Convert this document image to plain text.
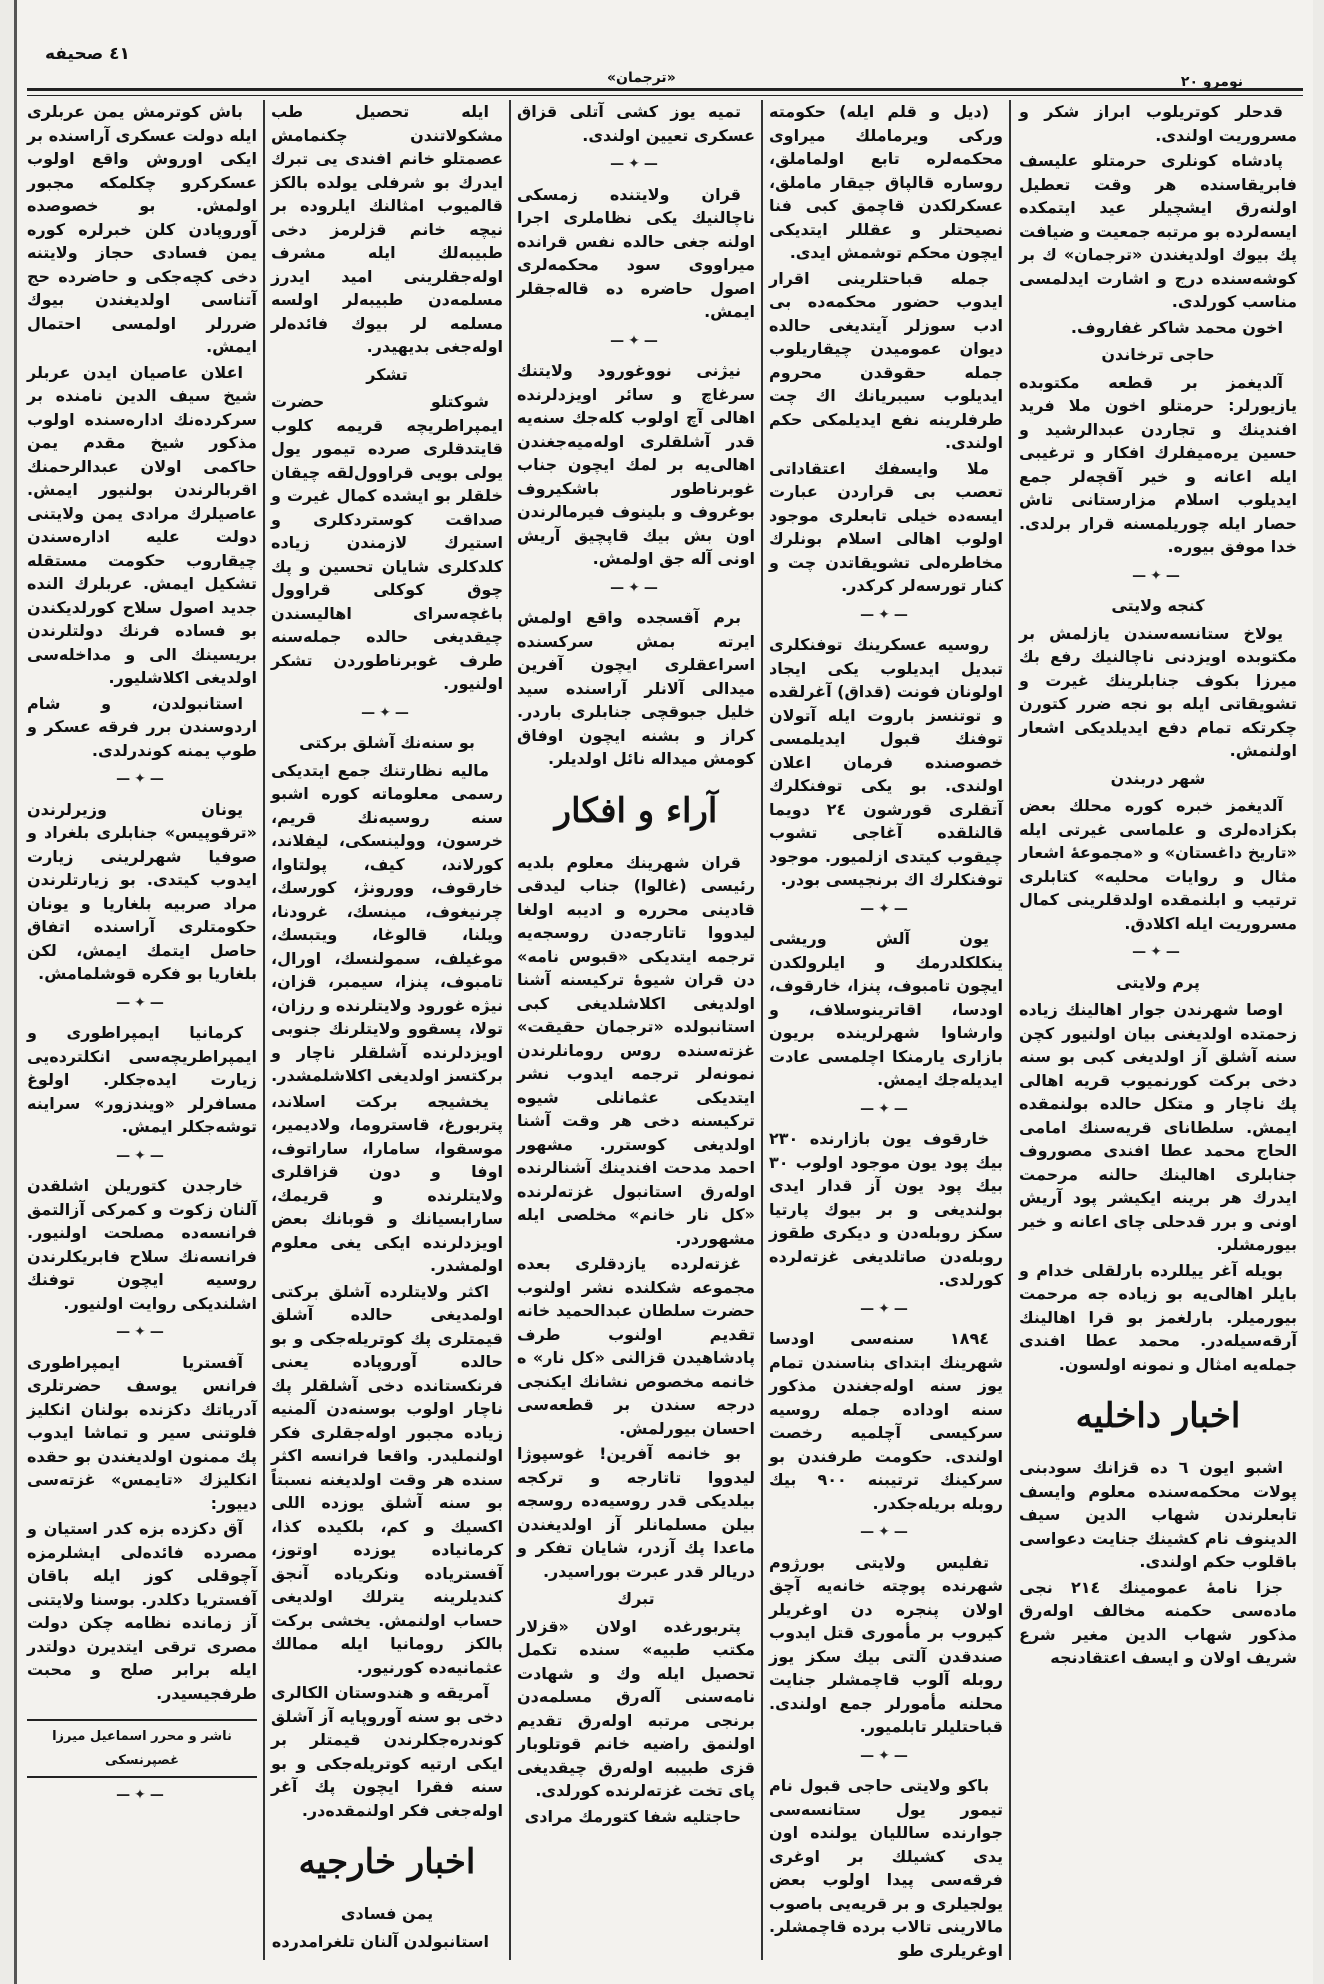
٤١ صحیفه
«ترجمان»	نومرو ٢٠

قدحلر کوتریلوب ابراز شکر و مسروریت اولندی.

پادشاه کونلری حرمتلو علیسف فابریقاسنده هر وقت تعطیل اولنه‌رق ایشچیلر عید ایتمکده ایسه‌لرده بو مرتبه جمعیت و ضیافت پك بیوك اولدیغندن «ترجمان» ك بر کوشه‌سنده درج و اشارت ایدلمسی مناسب کورلدی.

اخون محمد شاکر غفاروف.

حاجی ترخاندن

آلدیغمز بر قطعه مکتوبده یازیورلر: حرمتلو اخون ملا فرید افندینك و تجاردن عبدالرشید و حسین یره‌میفلرك افکار و ترغیبی ایله اعانه و خیر آقچه‌لر جمع ایدیلوب اسلام مزارستانی تاش حصار ایله چوریلمسنه قرار برلدی. خدا موفق بیوره.

—✦—
کنجه ولایتی

یولاخ ستانسه‌سندن یازلمش بر مکتوبده اویزدنی ناچالنیك رفع بك میرزا بکوف جنابلرینك غیرت و تشویقاتی ایله بو نجه ضرر کتورن چکرتکه تمام دفع ایدیلدیکی اشعار اولنمش.

شهر دربندن

آلدیغمز خبره کوره محلك بعض بکزاده‌لری و علماسی غیرتی ایله «تاریخ داغستان» و «مجموعهٔ اشعار مثال و روایات محلیه» کتابلری ترتیب و ابلنمقده اولدقلرینی کمال مسروریت ایله اکلادق.

—✦—
پرم ولایتی

اوصا شهرندن جوار اهالینك زیاده زحمتده اولدیغنی بیان اولنیور کچن سنه آشلق آز اولدیغی کبی بو سنه دخی برکت کورنمیوب قریه اهالی پك ناچار و متکل حالده بولنمقده ایمش. سلطانای قریه‌سنك امامی الحاج محمد عطا افندی مصوروف جنابلری اهالینك حالنه مرحمت ایدرك هر برینه ایکیشر پود آریش اونی و برر قدحلی چای اعانه و خیر بیورمشلر.

بویله آغر ییللرده بارلقلی خدام و بایلر اهالی‌یه بو زیاده جه مرحمت بیورمیلر. بارلغمز بو قرا اهالینك آرقه‌سیله‌در. محمد عطا افندی جمله‌یه امثال و نمونه اولسون.

اخبار داخلیه

اشبو ایون ٦ ده قزانك سودبنی پولات محکمه‌سنده معلوم وایسف تابعلرندن شهاب الدین سیف الدینوف نام کشینك جنایت دعواسی باقلوب حکم اولندی.

جزا نامهٔ عمومینك ٢١٤ نجی ماده‌سی حکمنه مخالف اوله‌رق مذکور شهاب الدین مغیر شرع شریف اولان و ایسف اعتقادنجه

(دیل و قلم ایله) حکومته ورکی ویرماملك میراوی محکمه‌لره تابع اولماملق، روساره قالپاق جیقار ماملق، عسکرلکدن قاچمق کبی فنا نصیحتلر و عقللر ایتدیکی ایچون محکم توشمش ایدی.

جمله قباحتلرینی اقرار ایدوب حضور محکمه‌ده بی ادب سوزلر آیتدیغی حالده دیوان عمومیدن چیقاریلوب جمله حقوقدن محروم ایدیلوب سیبریانك اك چت طرفلرینه نفع ایدیلمکی حکم اولندی.

ملا وایسفك اعتقاداتی تعصب بی قراردن عبارت ایسه‌ده خیلی تابعلری موجود اولوب اهالی اسلام بونلرك مخاطره‌لی تشویقاتدن چت و کنار تورسه‌لر کرکدر.

—✦—

روسیه عسکرینك توفنکلری تبدیل ایدیلوب یکی ایجاد اولونان فونت (قداق) آغرلقده و توتنسز باروت ایله آتولان توفنك قبول ایدیلمسی خصوصنده فرمان اعلان اولندی. بو یکی توفنکلرك آتقلری قورشون ٢٤ دویما قالنلقده آغاجی تشوب چیقوب کیتدی ازلمیور. موجود توفنکلرك اك برنجیسی بودر.

—✦—

یون آلش وریشی ینکلکلدرمك و ایلرولکدن ایچون تامبوف، پنزا، خارقوف، اودسا، اقاترینوسلاف، و وارشاوا شهرلرینده بریون بازاری یارمنکا اچلمسی عادت ایدیله‌جك ایمش.

—✦—

خارقوف یون بازارنده ٢٣٠ بیك پود یون موجود اولوب ٣٠ بیك پود یون آز قدار ایدی بولندیغی و بر بیوك پارتیا سکز روبله‌دن و دیکری طقوز روبله‌دن صاتلدیغی غزته‌لرده کورلدی.

—✦—

١٨٩٤ سنه‌سی اودسا شهرینك ابتدای بناسندن تمام یوز سنه اوله‌جغندن مذکور سنه اوداده جمله روسیه سرکیسی آچلمیه رخصت اولندی. حکومت طرفندن بو سرکینك ترتیبنه ٩٠٠ بیك روبله بریله‌جکدر.

—✦—

تفلیس ولایتی بورژوم شهرنده پوچته خانه‌یه آچق اولان پنجره دن اوغریلر کیروب بر مأموری قتل ایدوب صندقدن آلتی بیك سکز یوز روبله آلوب قاچمشلر جنایت محلنه مأمورلر جمع اولندی. قباحتلیلر تابلمیور.

—✦—

باکو ولایتی حاجی قبول نام تیمور یول ستانسه‌سی جوارنده ساللیان یولنده اون یدی کشیلك بر اوغری فرقه‌سی پیدا اولوب بعض یولجیلری و بر قریه‌یی باصوب مالارینی تالاب برده قاچمشلر. اوغریلری طو

تمیه یوز کشی آتلی قزاق عسکری تعیین اولندی.

—✦—

قران ولایتنده زمسکی ناچالنیك یکی نظاملری اجرا اولنه جغی حالده نفس قرانده میراووی سود محکمه‌لری اصول حاضره ده قاله‌جقلر ایمش.

—✦—

نیژنی نووغورود ولایتنك سرغاچ و سائر اویزدلرنده اهالی آچ اولوب کله‌جك سنه‌یه قدر آشلقلری اوله‌میه‌جغندن اهالی‌یه بر لمك ایچون جناب غوبرناطور باشکیروف بوغروف و بلینوف فیرمالرندن اون بش بیك قاپچیق آریش اونی آله جق اولمش.

—✦—

برم آقسجده واقع اولمش ایرته بمش سرکسنده اسراعقلری ایچون آفرین میدالی آلانلر آراسنده سید خلیل جبوقچی جنابلری باردر. کراز و بشنه ایچون اوفاق کومش میداله نائل اولدیلر.

آراء و افکار

قران شهرینك معلوم بلدیه رئیسی (غالوا) جناب لیدقی قادینی محرره و ادیبه اولغا لیدووا تاتارجه‌دن روسجه‌یه ترجمه ایتدیکی «قبوس نامه» دن قران شیوهٔ ترکیسنه آشنا اولدیغی اکلاشلدیغی کبی استانبولده «ترجمان حقیقت» غزته‌سنده روس رومانلرندن نمونه‌لر ترجمه ایدوب نشر ایتدیکی عثمانلی شیوه ترکیسنه دخی هر وقت آشنا اولدیغی کوسترر. مشهور احمد مدحت افندینك آشنالرنده اوله‌رق استانبول غزته‌لرنده «کل نار خانم» مخلصی ایله مشهوردر.

غزته‌لرده یازدقلری بعده مجموعه شکلنده نشر اولنوب حضرت سلطان عبدالحمید خانه تقدیم اولنوب طرف پادشاهیدن قزالنی «کل نار» ه خانمه مخصوص نشانك ایکنجی درجه سندن بر قطعه‌سی احسان بیورلمش.

بو خانمه آفرین! غوسپوژا لیدووا تاتارجه و ترکجه بیلدیکی قدر روسیه‌ده روسجه بیلن مسلمانلر آز اولدیغندن ماعدا پك آزدر، شایان تفکر و دریالر قدر عبرت بوراسیدر.

تبرك

پتربورغده اولان «قزلار مکتب طبیه» سنده تکمل تحصیل ایله وك و شهادت نامه‌سنی آله‌رق مسلمه‌دن برنجی مرتبه اوله‌رق تقدیم اولنمق راضیه خانم قوتلوبار قزی طبیبه اوله‌رق چیقدیغی پای تخت غزته‌لرنده کورلدی.

حاجتلیه شفا کتورمك مرادی

ایله تحصیل طب مشکولاتندن چکنمامش عصمتلو خانم افندی یی تبرك ایدرك بو شرفلی یولده بالکز قالمیوب امثالنك ایلروده بر نیچه خانم قزلرمز دخی طبیبه‌لك ایله مشرف اوله‌جقلرینی امید ایدرز مسلمه‌دن طبیبه‌لر اولسه مسلمه لر بیوك فائده‌لر اوله‌جغی بدیهیدر.

تشکر

شوکتلو حضرت ایمپراطریچه قریمه کلوب قایتدقلری صرده تیمور یول یولی بویی قراوول‌لقه چیقان خلقلر بو ایشده کمال غیرت و صداقت کوستردکلری و استیرك لازمندن زیاده کلدکلری شایان تحسین و پك چوق کوکلی قراوول باغچه‌سرای اهالیسندن چیقدیغی حالده جمله‌سنه طرف غوبرناطوردن تشکر اولنیور.

—✦—
بو سنه‌نك آشلق برکتی

مالیه نظارتنك جمع ایتدیکی رسمی معلوماته کوره اشبو سنه روسیه‌نك قریم، خرسون، وولینسکی، لیفلاند، کورلاند، کیف، پولتاوا، خارقوف، وورونژ، کورسك، چرنیغوف، مینسك، غرودنا، ویلنا، قالوغا، ویتبسك، موغیلف، سمولنسك، اورال، تامبوف، پنزا، سیمبر، قزان، نیژه غورود ولایتلرنده و رزان، تولا، پسقوو ولایتلرنك جنوبی اویزدلرنده آشلقلر ناچار و برکتسز اولدیغی اکلاشلمشدر.

یخشیجه برکت اسلاند، پتربورغ، قاستروما، ولادیمیر، موسقوا، سامارا، ساراتوف، اوفا و دون قزاقلری ولایتلرنده و قریمك، سارابسیانك و قوبانك بعض اویزدلرنده ایکی یغی معلوم اولمشدر.

اکثر ولایتلرده آشلق برکتی اولمدیغی حالده آشلق قیمتلری پك کوتریله‌جکی و بو حالده آوروپاده یعنی فرنکستانده دخی آشلقلر پك ناچار اولوب بوسنه‌دن آلمنیه زیاده مجبور اوله‌جقلری فکر اولنملیدر. واقعا فرانسه اکثر سنده هر وقت اولدیغنه نسبتاً بو سنه آشلق یوزده اللی اکسیك و کم، بلکیده کذا، کرمانیاده یوزده اوتوز، آفستریاده ونکریاده آنجق کندیلرینه یترلك اولدیغی حساب اولنمش. یخشی برکت بالکز رومانیا ایله ممالك عثمانیه‌ده کورنیور.

آمریقه و هندوستان الکالری دخی بو سنه آوروپایه آز آشلق کوندره‌جکلرندن قیمتلر بر ایکی ارتیه کوتریله‌جکی و بو سنه فقرا ایچون پك آغر اوله‌جغی فکر اولنمقده‌در.

اخبار خارجیه
یمن فسادی

استانبولدن آلنان تلغرامدرده

باش کوترمش یمن عربلری ایله دولت عسکری آراسنده بر ایکی اوروش واقع اولوب عسکرکرو چکلمکه مجبور اولمش. بو خصوصده آوروپادن کلن خبرلره کوره یمن فسادی حجاز ولایتنه دخی کچه‌جکی و حاضرده حج آتناسی اولدیغندن بیوك ضررلر اولمسی احتمال ایمش.

اعلان عاصیان ایدن عربلر شیخ سیف الدین نامنده بر سرکرده‌نك اداره‌سنده اولوب مذکور شیخ مقدم یمن حاکمی اولان عبدالرحمنك اقربالرندن بولنیور ایمش. عاصیلرك مرادی یمن ولایتنی دولت علیه اداره‌سندن چیقاروب حکومت مستقله تشکیل ایمش. عربلرك النده جدید اصول سلاح کورلدیکندن بو فساده فرنك دولتلرندن بریسینك الی و مداخله‌سی اولدیغی اکلاشلیور.

استانبولدن، و شام اردوسندن برر فرقه عسکر و طوپ یمنه کوندرلدی.

—✦—

یونان وزیرلرندن «ترقوپیس» جنابلری بلغراد و صوفیا شهرلرینی زیارت ایدوب کیتدی. بو زیارتلرندن مراد صربیه بلغاریا و یونان حکومتلری آراسنده اتفاق حاصل ایتمك ایمش، لکن بلغاریا بو فکره قوشلمامش.

—✦—

کرمانیا ایمپراطوری و ایمپراطریچه‌سی انکلترده‌یی زیارت ایده‌جکلر. اولوغ مسافرلر «ویندزور» سراینه توشه‌جکلر ایمش.

—✦—

خارجدن کتوریلن اشلقدن آلنان زکوت و کمرکی آزالتمق فرانسه‌ده مصلحت اولنیور. فرانسه‌نك سلاح فابریکلرندن روسیه ایچون توفنك اشلندیکی روایت اولنیور.

—✦—

آفستریا ایمپراطوری فرانس یوسف حضرتلری آدریاتك دکزنده بولنان انکلیز فلوتنی سیر و تماشا ایدوب پك ممنون اولدیغندن بو حقده انکلیزك «تایمس» غزته‌سی دییور:

آق دکزده بزه کدر استیان و مصرده فائده‌لی ایشلرمزه آچوقلی کوز ایله باقان آفستریا دکلدر. بوسنا ولایتنی آز زمانده نظامه چکن دولت مصری ترقی ایتدیرن دولتدر ایله برابر صلح و محبت طرفجیسیدر.

ناشر و محرر اسماعیل میرزا غصپرنسکی
—✦—
